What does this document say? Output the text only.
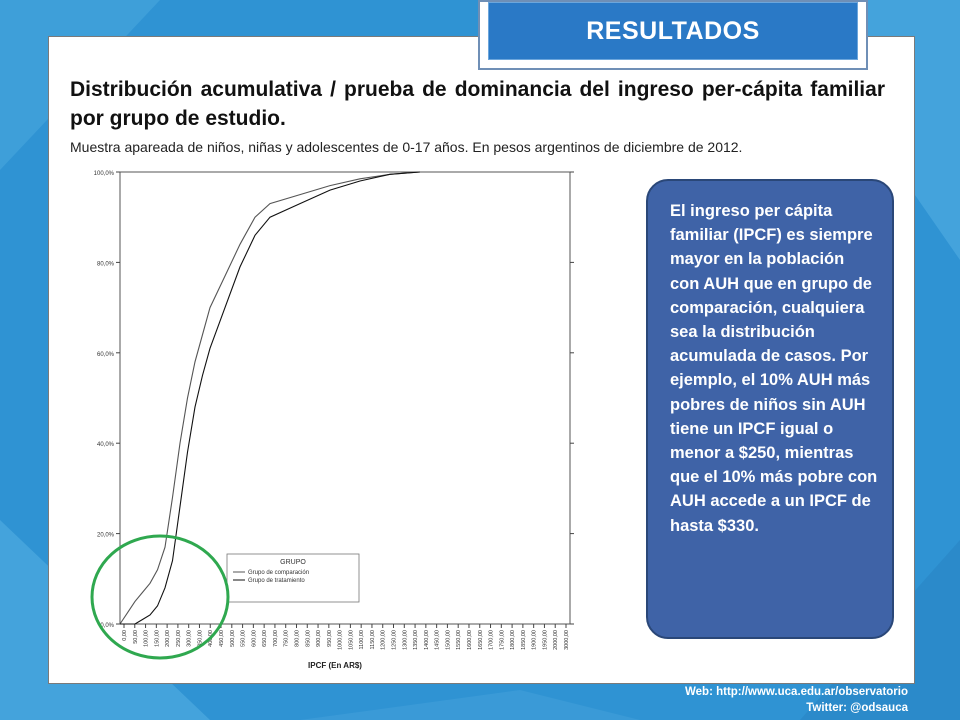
RESULTADOS
Distribución acumulativa / prueba de dominancia del ingreso per-cápita familiar por grupo de estudio.
Muestra apareada de niños, niñas y adolescentes de 0-17 años. En pesos argentinos de diciembre de 2012.
0,0%
20,0%
40,0%
60,0%
80,0%
100,0%
0,00 50,00 100,00 150,00 200,00 250,00 300,00 350,00 400,00 450,00 500,00 550,00 600,00 650,00 700,00 750,00 800,00 850,00 900,00 950,00 1000,00 1050,00 1100,00 1150,00 1200,00 1250,00 1300,00 1350,00 1400,00 1450,00 1500,00 1550,00 1600,00 1650,00 1700,00 1750,00 1800,00 1850,00 1900,00 1950,00 2000,00 3000,00
IPCF (En AR$)
GRUPO
Grupo de comparación
Grupo de tratamiento
El ingreso per cápita familiar (IPCF) es siempre mayor en la población con AUH que en grupo de comparación, cualquiera sea la distribución acumulada de casos. Por ejemplo, el 10% AUH más pobres de niños sin AUH tiene un IPCF igual o menor a $250, mientras que el 10% más pobre con AUH accede a un IPCF de hasta $330.
Web: http://www.uca.edu.ar/observatorio
Twitter: @odsauca
